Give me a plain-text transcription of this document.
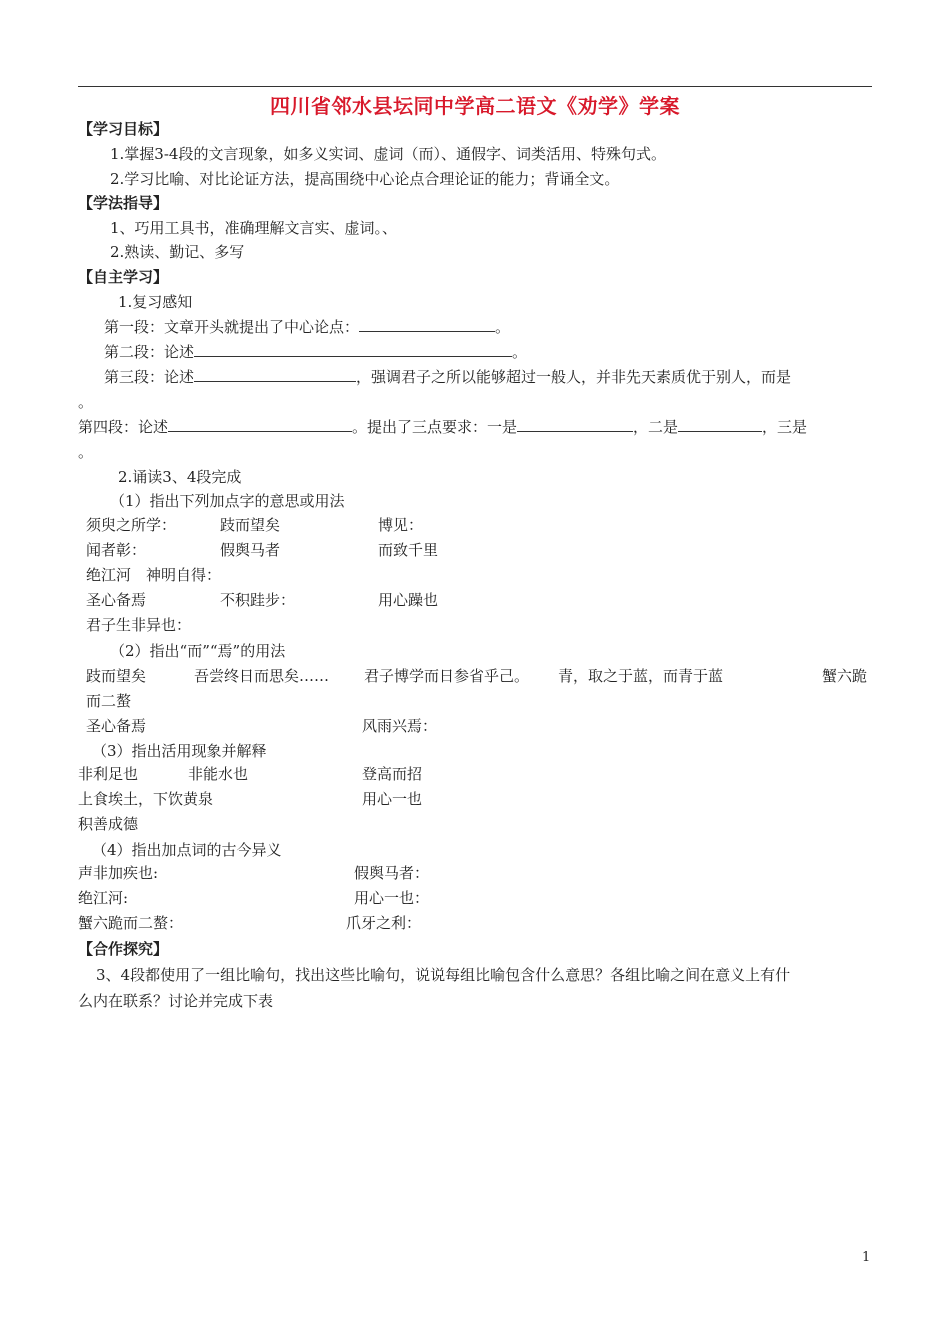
四川省邻水县坛同中学高二语文《劝学》学案
【学习目标】
1.掌握3-4段的文言现象，如多义实词、虚词（而）、通假字、词类活用、特殊句式。
2.学习比喻、对比论证方法，提高围绕中心论点合理论证的能力；背诵全文。
【学法指导】
1、巧用工具书，准确理解文言实、虚词。、
2.熟读、勤记、多写
【自主学习】
1.复习感知
第一段：文章开头就提出了中心论点：	。
第二段：论述	。
第三段：论述	，强调君子之所以能够超过一般人，并非先天素质优于别人，而是
。
第四段：论述	。提出了三点要求：一是	，二是	，三是
。
2.诵读3、4段完成
（1）指出下列加点字的意思或用法
须臾之所学：	跂而望矣	博见：
闻者彰：	假舆马者	而致千里
绝江河 神明自得：
圣心备焉	不积跬步：	用心躁也
君子生非异也：
（2）指出“而”“焉”的用法
跂而望矣	吾尝终日而思矣…… 君子博学而日参省乎己。 青，取之于蓝，而青于蓝	蟹六跪
而二螯
圣心备焉	风雨兴焉：
（3）指出活用现象并解释
非利足也	非能水也	登高而招
上食埃土，下饮黄泉	用心一也
积善成德
（4）指出加点词的古今异义
声非加疾也:	假舆马者：
绝江河:	用心一也：
蟹六跪而二螯：	爪牙之利：
【合作探究】
3、4段都使用了一组比喻句，找出这些比喻句，说说每组比喻包含什么意思？各组比喻之间在意义上有什
么内在联系？讨论并完成下表
1
